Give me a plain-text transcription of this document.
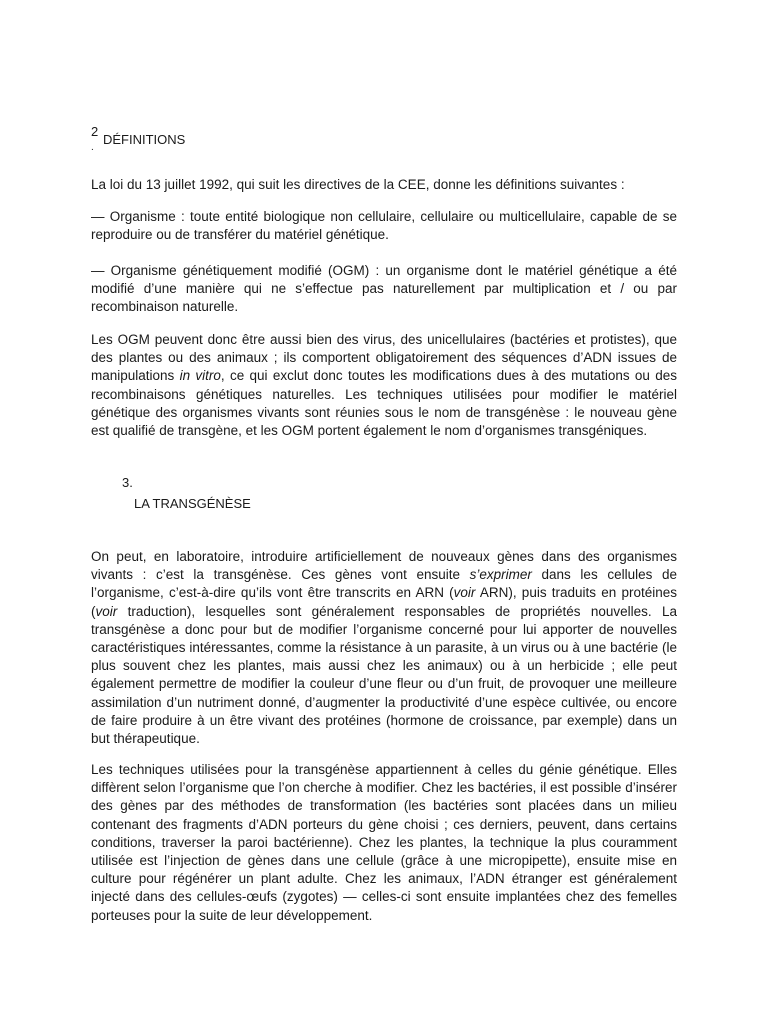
2
.
DÉFINITIONS

La loi du 13 juillet 1992, qui suit les directives de la CEE, donne les définitions suivantes :

— Organisme : toute entité biologique non cellulaire, cellulaire ou multicellulaire, capable de se reproduire ou de transférer du matériel génétique.

— Organisme génétiquement modifié (OGM) : un organisme dont le matériel génétique a été modifié d’une manière qui ne s’effectue pas naturellement par multiplication et / ou par recombinaison naturelle.

Les OGM peuvent donc être aussi bien des virus, des unicellulaires (bactéries et protistes), que des plantes ou des animaux ; ils comportent obligatoirement des séquences d’ADN issues de manipulations in vitro, ce qui exclut donc toutes les modifications dues à des mutations ou des recombinaisons génétiques naturelles. Les techniques utilisées pour modifier le matériel génétique des organismes vivants sont réunies sous le nom de transgénèse : le nouveau gène est qualifié de transgène, et les OGM portent également le nom d’organismes transgéniques.

3.
LA TRANSGÉNÈSE

On peut, en laboratoire, introduire artificiellement de nouveaux gènes dans des organismes vivants : c’est la transgénèse. Ces gènes vont ensuite s’exprimer dans les cellules de l’organisme, c’est-à-dire qu’ils vont être transcrits en ARN (voir ARN), puis traduits en protéines (voir traduction), lesquelles sont généralement responsables de propriétés nouvelles. La transgénèse a donc pour but de modifier l’organisme concerné pour lui apporter de nouvelles caractéristiques intéressantes, comme la résistance à un parasite, à un virus ou à une bactérie (le plus souvent chez les plantes, mais aussi chez les animaux) ou à un herbicide ; elle peut également permettre de modifier la couleur d’une fleur ou d’un fruit, de provoquer une meilleure assimilation d’un nutriment donné, d’augmenter la productivité d’une espèce cultivée, ou encore de faire produire à un être vivant des protéines (hormone de croissance, par exemple) dans un but thérapeutique.

Les techniques utilisées pour la transgénèse appartiennent à celles du génie génétique. Elles diffèrent selon l’organisme que l’on cherche à modifier. Chez les bactéries, il est possible d’insérer des gènes par des méthodes de transformation (les bactéries sont placées dans un milieu contenant des fragments d’ADN porteurs du gène choisi ; ces derniers, peuvent, dans certains conditions, traverser la paroi bactérienne). Chez les plantes, la technique la plus couramment utilisée est l’injection de gènes dans une cellule (grâce à une micropipette), ensuite mise en culture pour régénérer un plant adulte. Chez les animaux, l’ADN étranger est généralement injecté dans des cellules-œufs (zygotes) — celles-ci sont ensuite implantées chez des femelles porteuses pour la suite de leur développement.
